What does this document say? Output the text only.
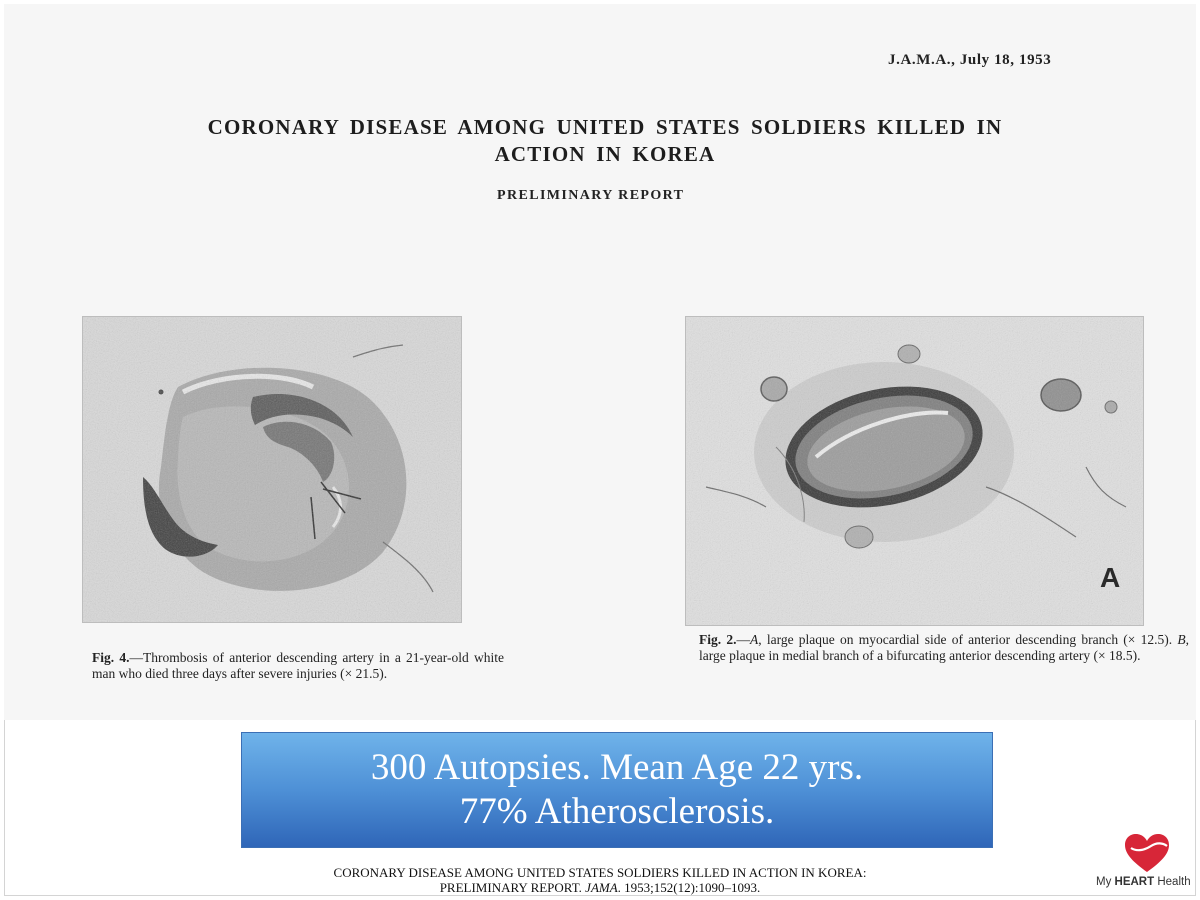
J.A.M.A., July 18, 1953
CORONARY DISEASE AMONG UNITED STATES SOLDIERS KILLED IN
ACTION IN KOREA
PRELIMINARY REPORT
A
Fig. 4.—Thrombosis of anterior descending artery in a 21-year-old white man who died three days after severe injuries (× 21.5).
Fig. 2.—A, large plaque on myocardial side of anterior descending branch (× 12.5). B, large plaque in medial branch of a bifurcating anterior descending artery (× 18.5).
300 Autopsies. Mean Age 22 yrs.
77% Atherosclerosis.
CORONARY DISEASE AMONG UNITED STATES SOLDIERS KILLED IN ACTION IN KOREA:
PRELIMINARY REPORT. JAMA. 1953;152(12):1090–1093.	My HEART Health
